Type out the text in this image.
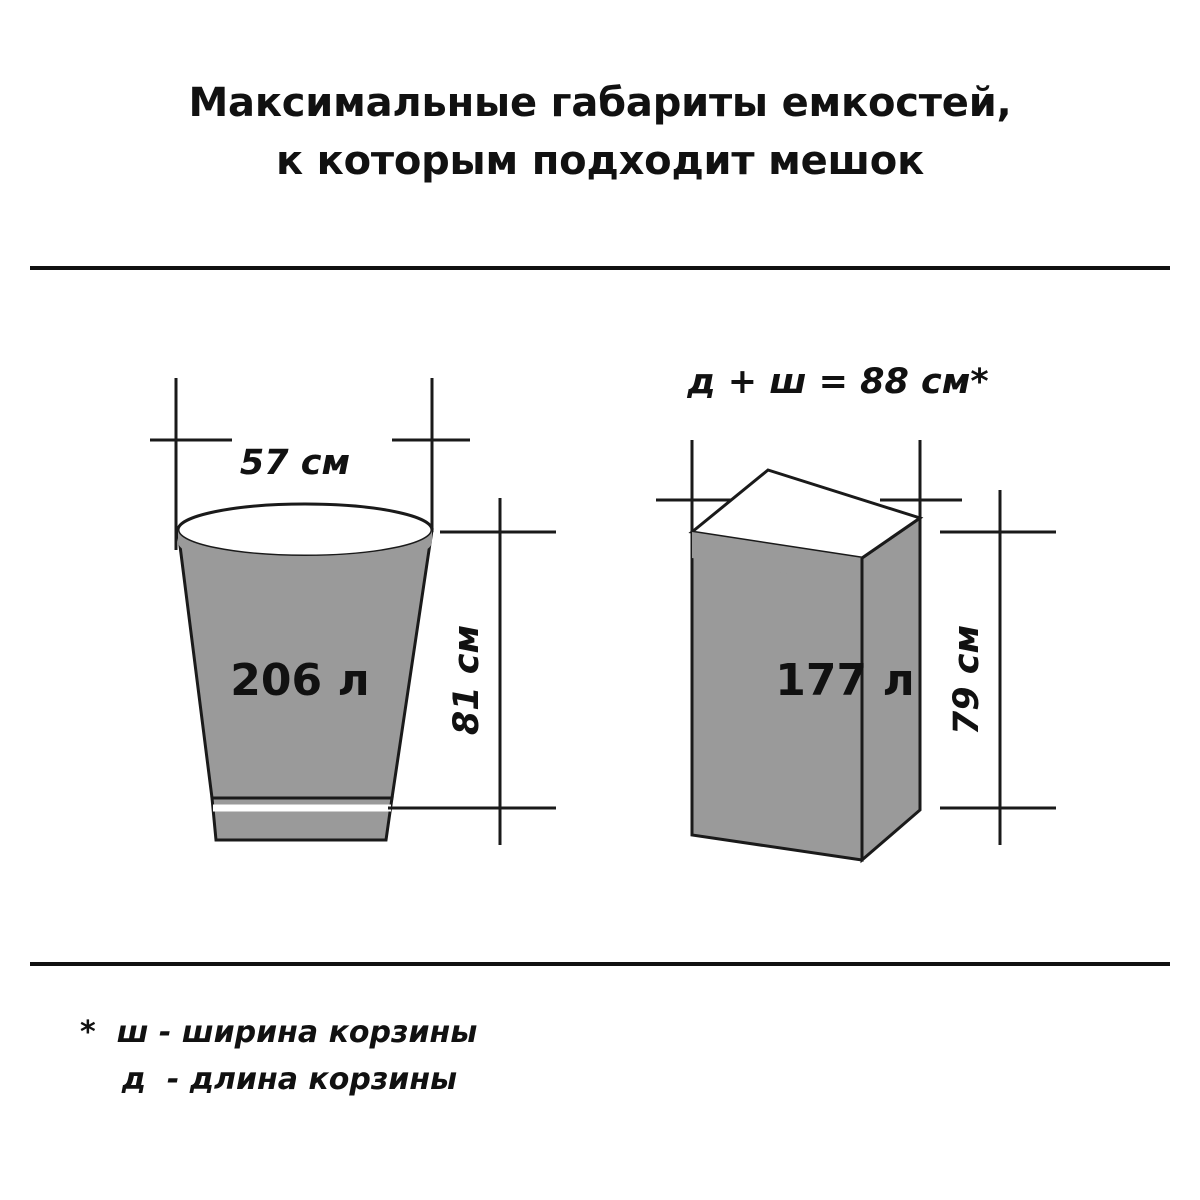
Максимальные габариты емкостей,
к которым подходит мешок
57 см
206 л 81 см
д + ш = 88 см*
177 л 79 см
*  ш - ширина корзины
д  - длина корзины
